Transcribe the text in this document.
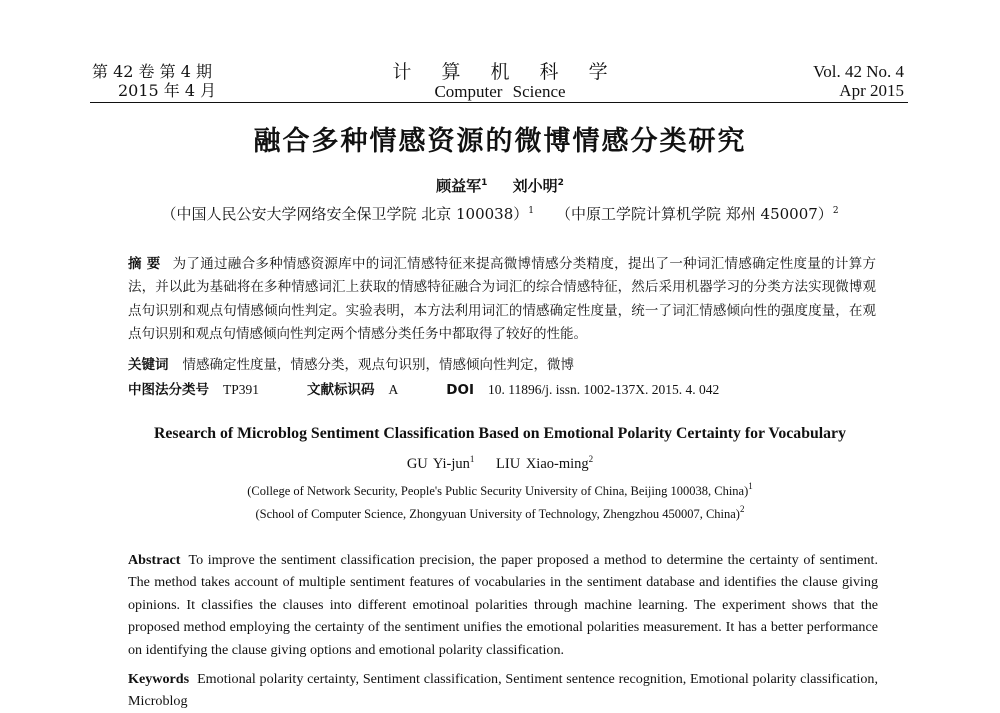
第 42 卷 第 4 期
2015 年 4 月
计 算 机 科 学
Computer Science
Vol. 42 No. 4
Apr 2015
融合多种情感资源的微博情感分类研究
顾益军$^1$ 刘小明$^2$
（中国人民公安大学网络安全保卫学院 北京 100038）$^1$ （中原工学院计算机学院 郑州 450007）$^2$
摘 要 为了通过融合多种情感资源库中的词汇情感特征来提高微博情感分类精度，提出了一种词汇情感确定性度量的计算方法，并以此为基础将在多种情感词汇上获取的情感特征融合为词汇的综合情感特征，然后采用机器学习的分类方法实现微博观点句识别和观点句情感倾向性判定。实验表明，本方法利用词汇的情感确定性度量，统一了词汇情感倾向性的强度度量，在观点句识别和观点句情感倾向性判定两个情感分类任务中都取得了较好的性能。
关键词 情感确定性度量，情感分类，观点句识别，情感倾向性判定，微博
中图法分类号 TP391	文献标识码 A	DOI 10. 11896/j. issn. 1002-137X. 2015. 4. 042
Research of Microblog Sentiment Classification Based on Emotional Polarity Certainty for Vocabulary
GU Yi-jun$^1$ LIU Xiao-ming$^2$
(College of Network Security, People's Public Security University of China, Beijing 100038, China)$^1$
(School of Computer Science, Zhongyuan University of Technology, Zhengzhou 450007, China)$^2$
Abstract To improve the sentiment classification precision, the paper proposed a method to determine the certainty of sentiment. The method takes account of multiple sentiment features of vocabularies in the sentiment database and identifies the clause giving opinions. It classifies the clauses into different emotinoal polarities through machine learning. The experiment shows that the proposed method employing the certainty of the sentiment unifies the emotional polarities measurement. It has a better performance on identifying the clause giving options and emotional polarity classification.
Keywords Emotional polarity certainty, Sentiment classification, Sentiment sentence recognition, Emotional polarity classification, Microblog
